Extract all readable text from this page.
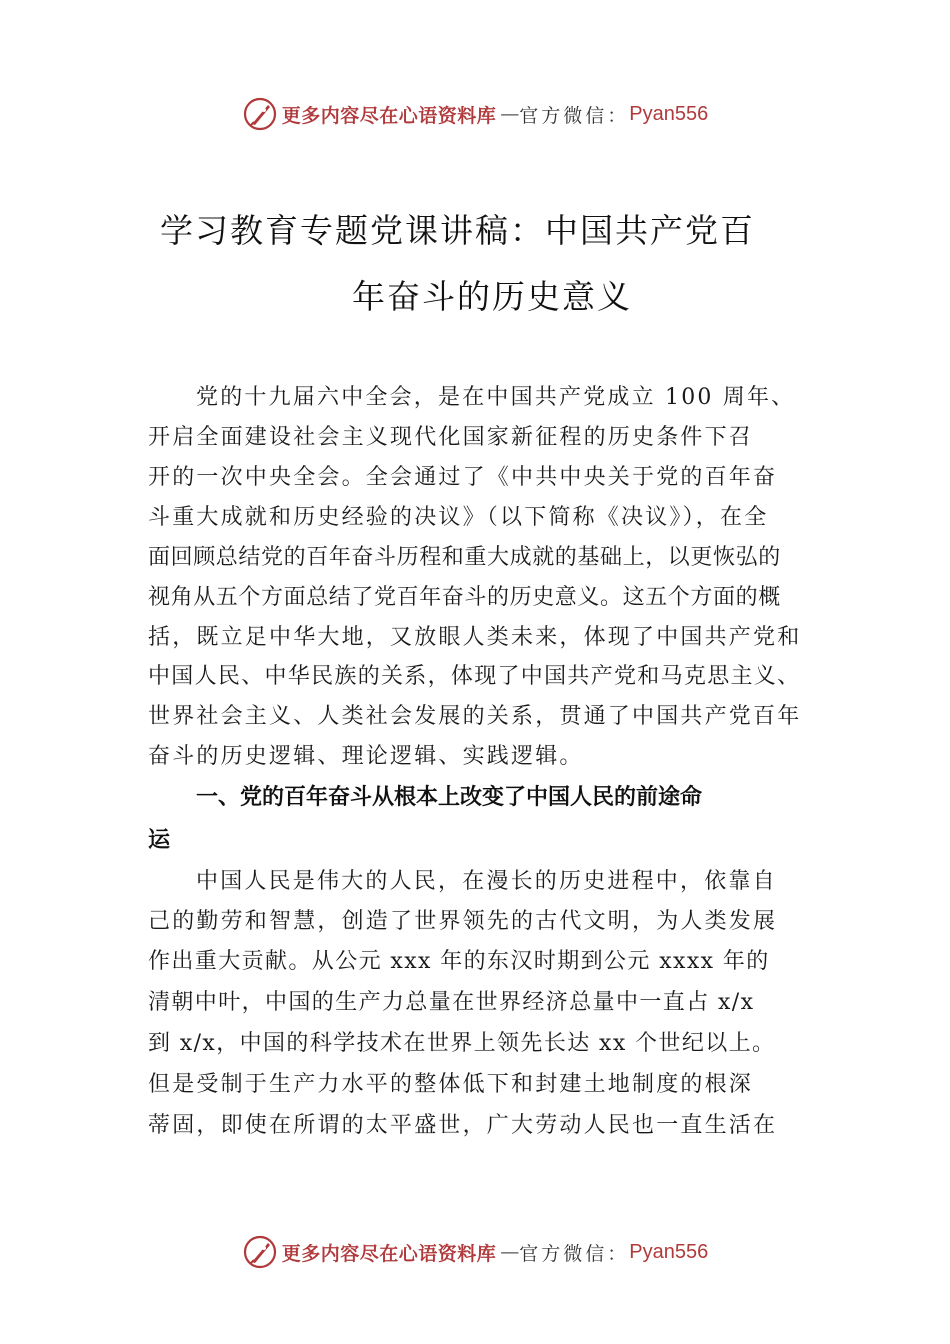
更多内容尽在心语资料库 — 官方微信： Pyan556
学习教育专题党课讲稿：中国共产党百
年奋斗的历史意义
党的十九届六中全会，是在中国共产党成立 100 周年、
开启全面建设社会主义现代化国家新征程的历史条件下召
开的一次中央全会。全会通过了《中共中央关于党的百年奋
斗重大成就和历史经验的决议》（以下简称《决议》），在全
面回顾总结党的百年奋斗历程和重大成就的基础上，以更恢弘的
视角从五个方面总结了党百年奋斗的历史意义。这五个方面的概
括，既立足中华大地，又放眼人类未来，体现了中国共产党和
中国人民、中华民族的关系，体现了中国共产党和马克思主义、
世界社会主义、人类社会发展的关系，贯通了中国共产党百年
奋斗的历史逻辑、理论逻辑、实践逻辑。
一、党的百年奋斗从根本上改变了中国人民的前途命
运
中国人民是伟大的人民，在漫长的历史进程中，依靠自
己的勤劳和智慧，创造了世界领先的古代文明，为人类发展
作出重大贡献。从公元 xxx 年的东汉时期到公元 xxxx 年的
清朝中叶，中国的生产力总量在世界经济总量中一直占 x/x
到 x/x，中国的科学技术在世界上领先长达 xx 个世纪以上。
但是受制于生产力水平的整体低下和封建土地制度的根深
蒂固，即使在所谓的太平盛世，广大劳动人民也一直生活在
更多内容尽在心语资料库 — 官方微信： Pyan556
